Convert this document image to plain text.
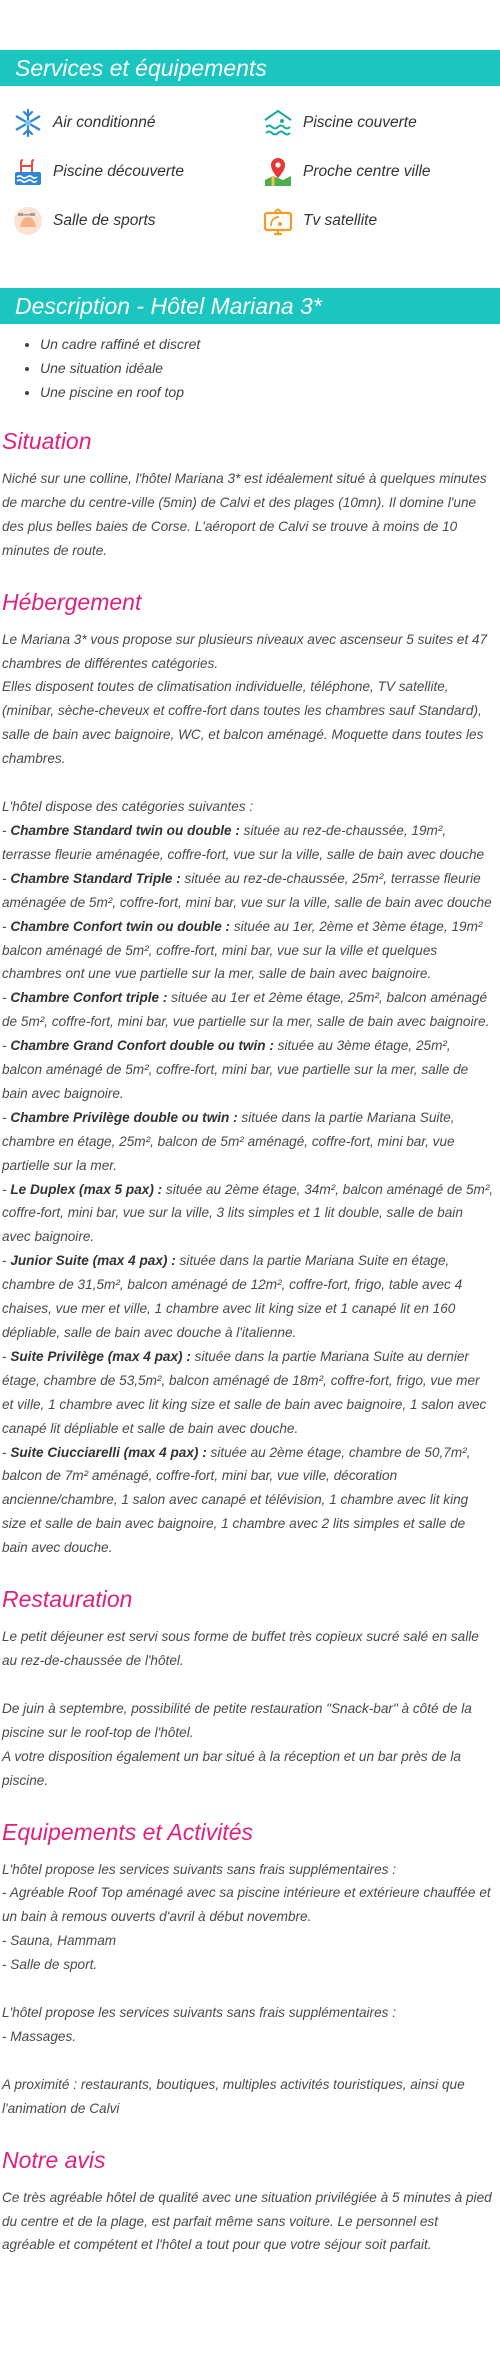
Services et équipements
Air conditionné	Piscine couverte
Piscine découverte	Proche centre ville
Salle de sports	Tv satellite
Description - Hôtel Mariana 3*
• Un cadre raffiné et discret
• Une situation idéale
• Une piscine en roof top
Situation

Niché sur une colline, l'hôtel Mariana 3* est idéalement situé à quelques minutes de marche du centre-ville (5min) de Calvi et des plages (10mn). Il domine l'une des plus belles baies de Corse. L'aéroport de Calvi se trouve à moins de 10 minutes de route.

Hébergement

Le Mariana 3* vous propose sur plusieurs niveaux avec ascenseur 5 suites et 47 chambres de différentes catégories.

Elles disposent toutes de climatisation individuelle, téléphone, TV satellite, (minibar, sèche-cheveux et coffre-fort dans toutes les chambres sauf Standard), salle de bain avec baignoire, WC, et balcon aménagé. Moquette dans toutes les chambres.

L'hôtel dispose des catégories suivantes :

- Chambre Standard twin ou double : située au rez-de-chaussée, 19m², terrasse fleurie aménagée, coffre-fort, vue sur la ville, salle de bain avec douche

- Chambre Standard Triple : située au rez-de-chaussée, 25m², terrasse fleurie aménagée de 5m², coffre-fort, mini bar, vue sur la ville, salle de bain avec douche

- Chambre Confort twin ou double : située au 1er, 2ème et 3ème étage, 19m² balcon aménagé de 5m², coffre-fort, mini bar, vue sur la ville et quelques chambres ont une vue partielle sur la mer, salle de bain avec baignoire.

- Chambre Confort triple : située au 1er et 2ème étage, 25m², balcon aménagé de 5m², coffre-fort, mini bar, vue partielle sur la mer, salle de bain avec baignoire.

- Chambre Grand Confort double ou twin : située au 3ème étage, 25m², balcon aménagé de 5m², coffre-fort, mini bar, vue partielle sur la mer, salle de bain avec baignoire.

- Chambre Privilège double ou twin : située dans la partie Mariana Suite, chambre en étage, 25m², balcon de 5m² aménagé, coffre-fort, mini bar, vue partielle sur la mer.

- Le Duplex (max 5 pax) : située au 2ème étage, 34m², balcon aménagé de 5m², coffre-fort, mini bar, vue sur la ville, 3 lits simples et 1 lit double, salle de bain avec baignoire.

- Junior Suite (max 4 pax) : située dans la partie Mariana Suite en étage, chambre de 31,5m², balcon aménagé de 12m², coffre-fort, frigo, table avec 4 chaises, vue mer et ville, 1 chambre avec lit king size et 1 canapé lit en 160 dépliable, salle de bain avec douche à l'italienne.

- Suite Privilège (max 4 pax) : située dans la partie Mariana Suite au dernier étage, chambre de 53,5m², balcon aménagé de 18m², coffre-fort, frigo, vue mer et ville, 1 chambre avec lit king size et salle de bain avec baignoire, 1 salon avec canapé lit dépliable et salle de bain avec douche.

- Suite Ciucciarelli (max 4 pax) : située au 2ème étage, chambre de 50,7m², balcon de 7m² aménagé, coffre-fort, mini bar, vue ville, décoration ancienne/chambre, 1 salon avec canapé et télévision, 1 chambre avec lit king size et salle de bain avec baignoire, 1 chambre avec 2 lits simples et salle de bain avec douche.

Restauration

Le petit déjeuner est servi sous forme de buffet très copieux sucré salé en salle au rez-de-chaussée de l'hôtel.

De juin à septembre, possibilité de petite restauration "Snack-bar" à côté de la piscine sur le roof-top de l'hôtel.

A votre disposition également un bar situé à la réception et un bar près de la piscine.

Equipements et Activités

L'hôtel propose les services suivants sans frais supplémentaires :

- Agréable Roof Top aménagé avec sa piscine intérieure et extérieure chauffée et un bain à remous ouverts d'avril à début novembre.

- Sauna, Hammam

- Salle de sport.

L'hôtel propose les services suivants sans frais supplémentaires :

- Massages.

A proximité : restaurants, boutiques, multiples activités touristiques, ainsi que l'animation de Calvi

Notre avis

Ce très agréable hôtel de qualité avec une situation privilégiée à 5 minutes à pied du centre et de la plage, est parfait même sans voiture. Le personnel est agréable et compétent et l'hôtel a tout pour que votre séjour soit parfait.
